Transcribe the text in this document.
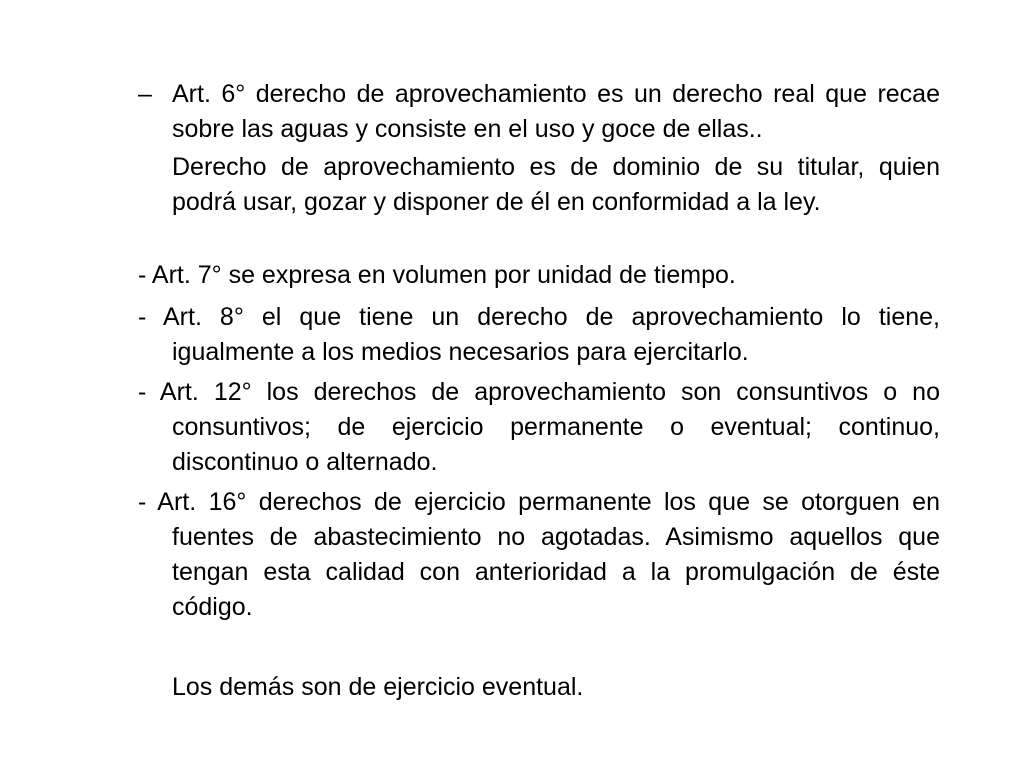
– Art. 6° derecho de aprovechamiento es un derecho real que recae sobre las aguas y consiste en el uso y goce de ellas..
Derecho de aprovechamiento es de dominio de su titular, quien podrá usar, gozar y disponer de él en conformidad a la ley.
- Art. 7° se expresa en volumen por unidad de tiempo.
- Art. 8° el que tiene un derecho de aprovechamiento lo tiene, igualmente a los medios necesarios para ejercitarlo.
- Art. 12° los derechos de aprovechamiento son consuntivos o no consuntivos; de ejercicio permanente o eventual; continuo, discontinuo o alternado.
- Art. 16° derechos de ejercicio permanente los que se otorguen en fuentes de abastecimiento no agotadas. Asimismo aquellos que tengan esta calidad con anterioridad a la promulgación de éste código.
Los demás son de ejercicio eventual.
